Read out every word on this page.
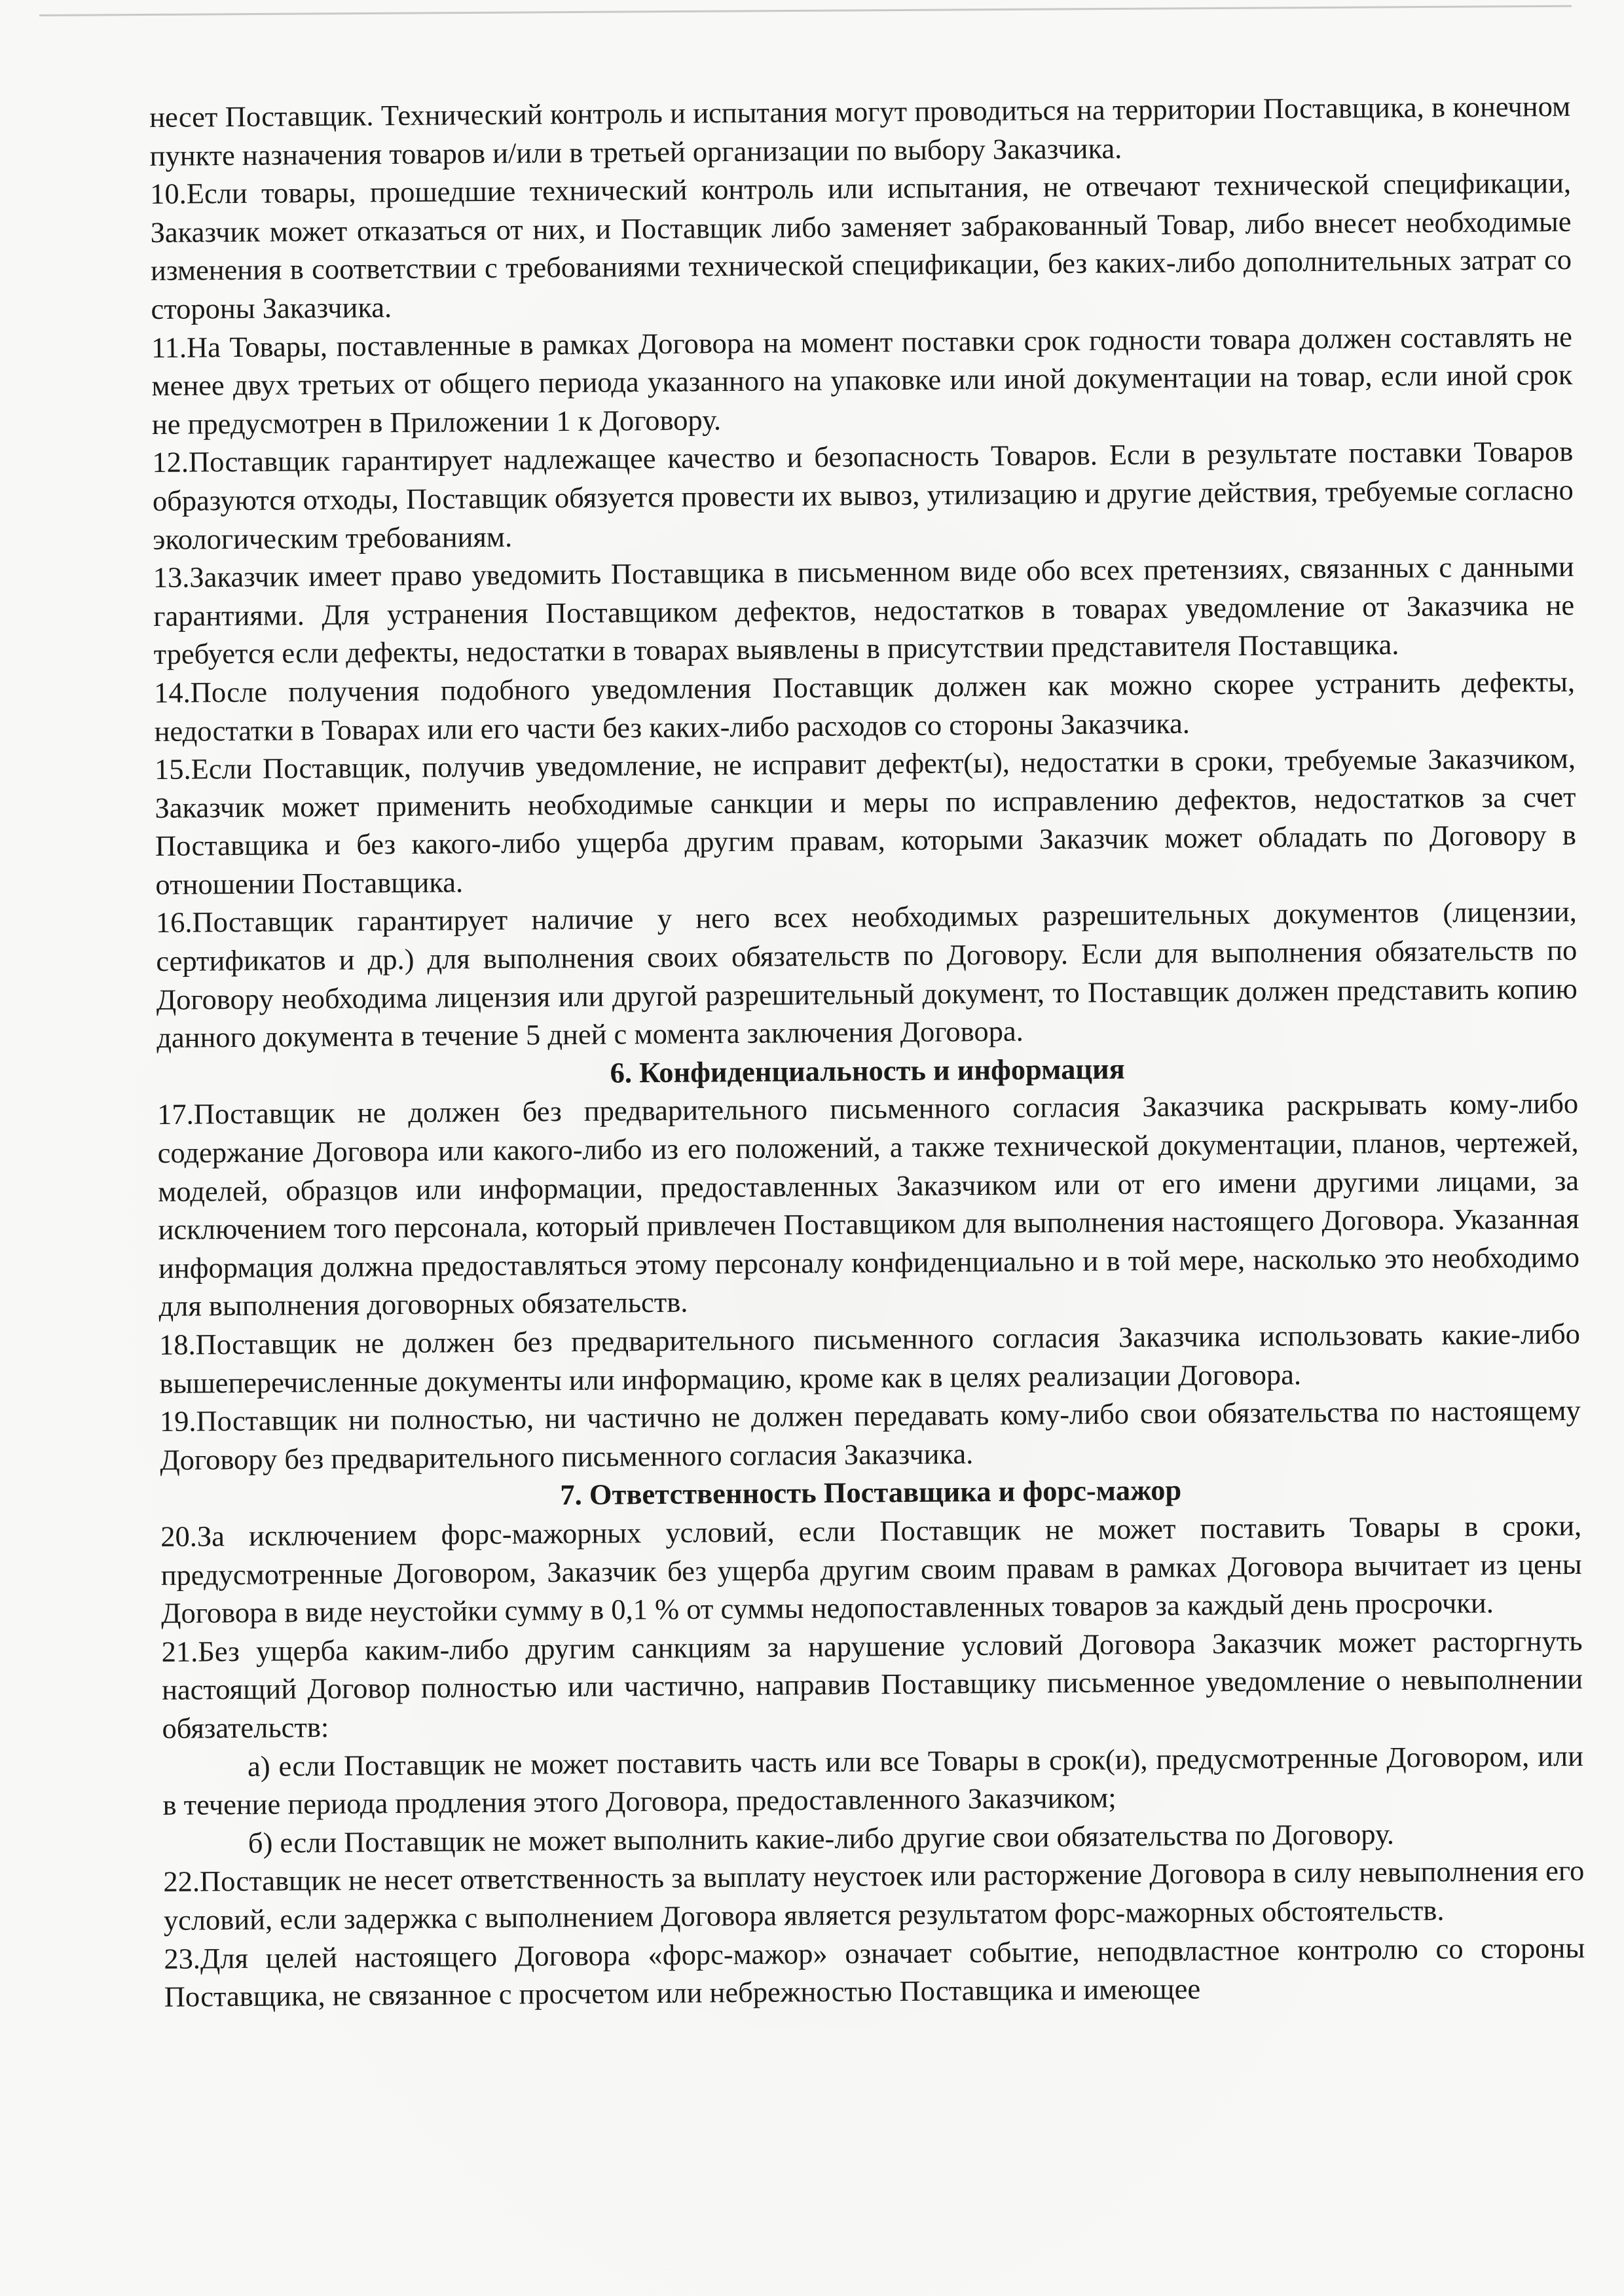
несет Поставщик. Технический контроль и испытания могут проводиться на территории Поставщика, в конечном пункте назначения товаров и/или в третьей организации по выбору Заказчика.

10.Если товары, прошедшие технический контроль или испытания, не отвечают технической спецификации, Заказчик может отказаться от них, и Поставщик либо заменяет забракованный Товар, либо внесет необходимые изменения в соответствии с требованиями технической спецификации, без каких-либо дополнительных затрат со стороны Заказчика.

11.На Товары, поставленные в рамках Договора на момент поставки срок годности товара должен составлять не менее двух третьих от общего периода указанного на упаковке или иной документации на товар, если иной срок не предусмотрен в Приложении 1 к Договору.

12.Поставщик гарантирует надлежащее качество и безопасность Товаров. Если в результате поставки Товаров образуются отходы, Поставщик обязуется провести их вывоз, утилизацию и другие действия, требуемые согласно экологическим требованиям.

13.Заказчик имеет право уведомить Поставщика в письменном виде обо всех претензиях, связанных с данными гарантиями. Для устранения Поставщиком дефектов, недостатков в товарах уведомление от Заказчика не требуется если дефекты, недостатки в товарах выявлены в присутствии представителя Поставщика.

14.После получения подобного уведомления Поставщик должен как можно скорее устранить дефекты, недостатки в Товарах или его части без каких-либо расходов со стороны Заказчика.

15.Если Поставщик, получив уведомление, не исправит дефект(ы), недостатки в сроки, требуемые Заказчиком, Заказчик может применить необходимые санкции и меры по исправлению дефектов, недостатков за счет Поставщика и без какого-либо ущерба другим правам, которыми Заказчик может обладать по Договору в отношении Поставщика.

16.Поставщик гарантирует наличие у него всех необходимых разрешительных документов (лицензии, сертификатов и др.) для выполнения своих обязательств по Договору. Если для выполнения обязательств по Договору необходима лицензия или другой разрешительный документ, то Поставщик должен представить копию данного документа в течение 5 дней с момента заключения Договора.

6. Конфиденциальность и информация

17.Поставщик не должен без предварительного письменного согласия Заказчика раскрывать кому-либо содержание Договора или какого-либо из его положений, а также технической документации, планов, чертежей, моделей, образцов или информации, предоставленных Заказчиком или от его имени другими лицами, за исключением того персонала, который привлечен Поставщиком для выполнения настоящего Договора. Указанная информация должна предоставляться этому персоналу конфиденциально и в той мере, насколько это необходимо для выполнения договорных обязательств.

18.Поставщик не должен без предварительного письменного согласия Заказчика использовать какие-либо вышеперечисленные документы или информацию, кроме как в целях реализации Договора.

19.Поставщик ни полностью, ни частично не должен передавать кому-либо свои обязательства по настоящему Договору без предварительного письменного согласия Заказчика.

7. Ответственность Поставщика и форс-мажор

20.За исключением форс-мажорных условий, если Поставщик не может поставить Товары в сроки, предусмотренные Договором, Заказчик без ущерба другим своим правам в рамках Договора вычитает из цены Договора в виде неустойки сумму в 0,1 % от суммы недопоставленных товаров за каждый день просрочки.

21.Без ущерба каким-либо другим санкциям за нарушение условий Договора Заказчик может расторгнуть настоящий Договор полностью или частично, направив Поставщику письменное уведомление о невыполнении обязательств:

а) если Поставщик не может поставить часть или все Товары в срок(и), предусмотренные Договором, или в течение периода продления этого Договора, предоставленного Заказчиком;

б) если Поставщик не может выполнить какие-либо другие свои обязательства по Договору.

22.Поставщик не несет ответственность за выплату неустоек или расторжение Договора в силу невыполнения его условий, если задержка с выполнением Договора является результатом форс-мажорных обстоятельств.

23.Для целей настоящего Договора «форс-мажор» означает событие, неподвластное контролю со стороны Поставщика, не связанное с просчетом или небрежностью Поставщика и имеющее
